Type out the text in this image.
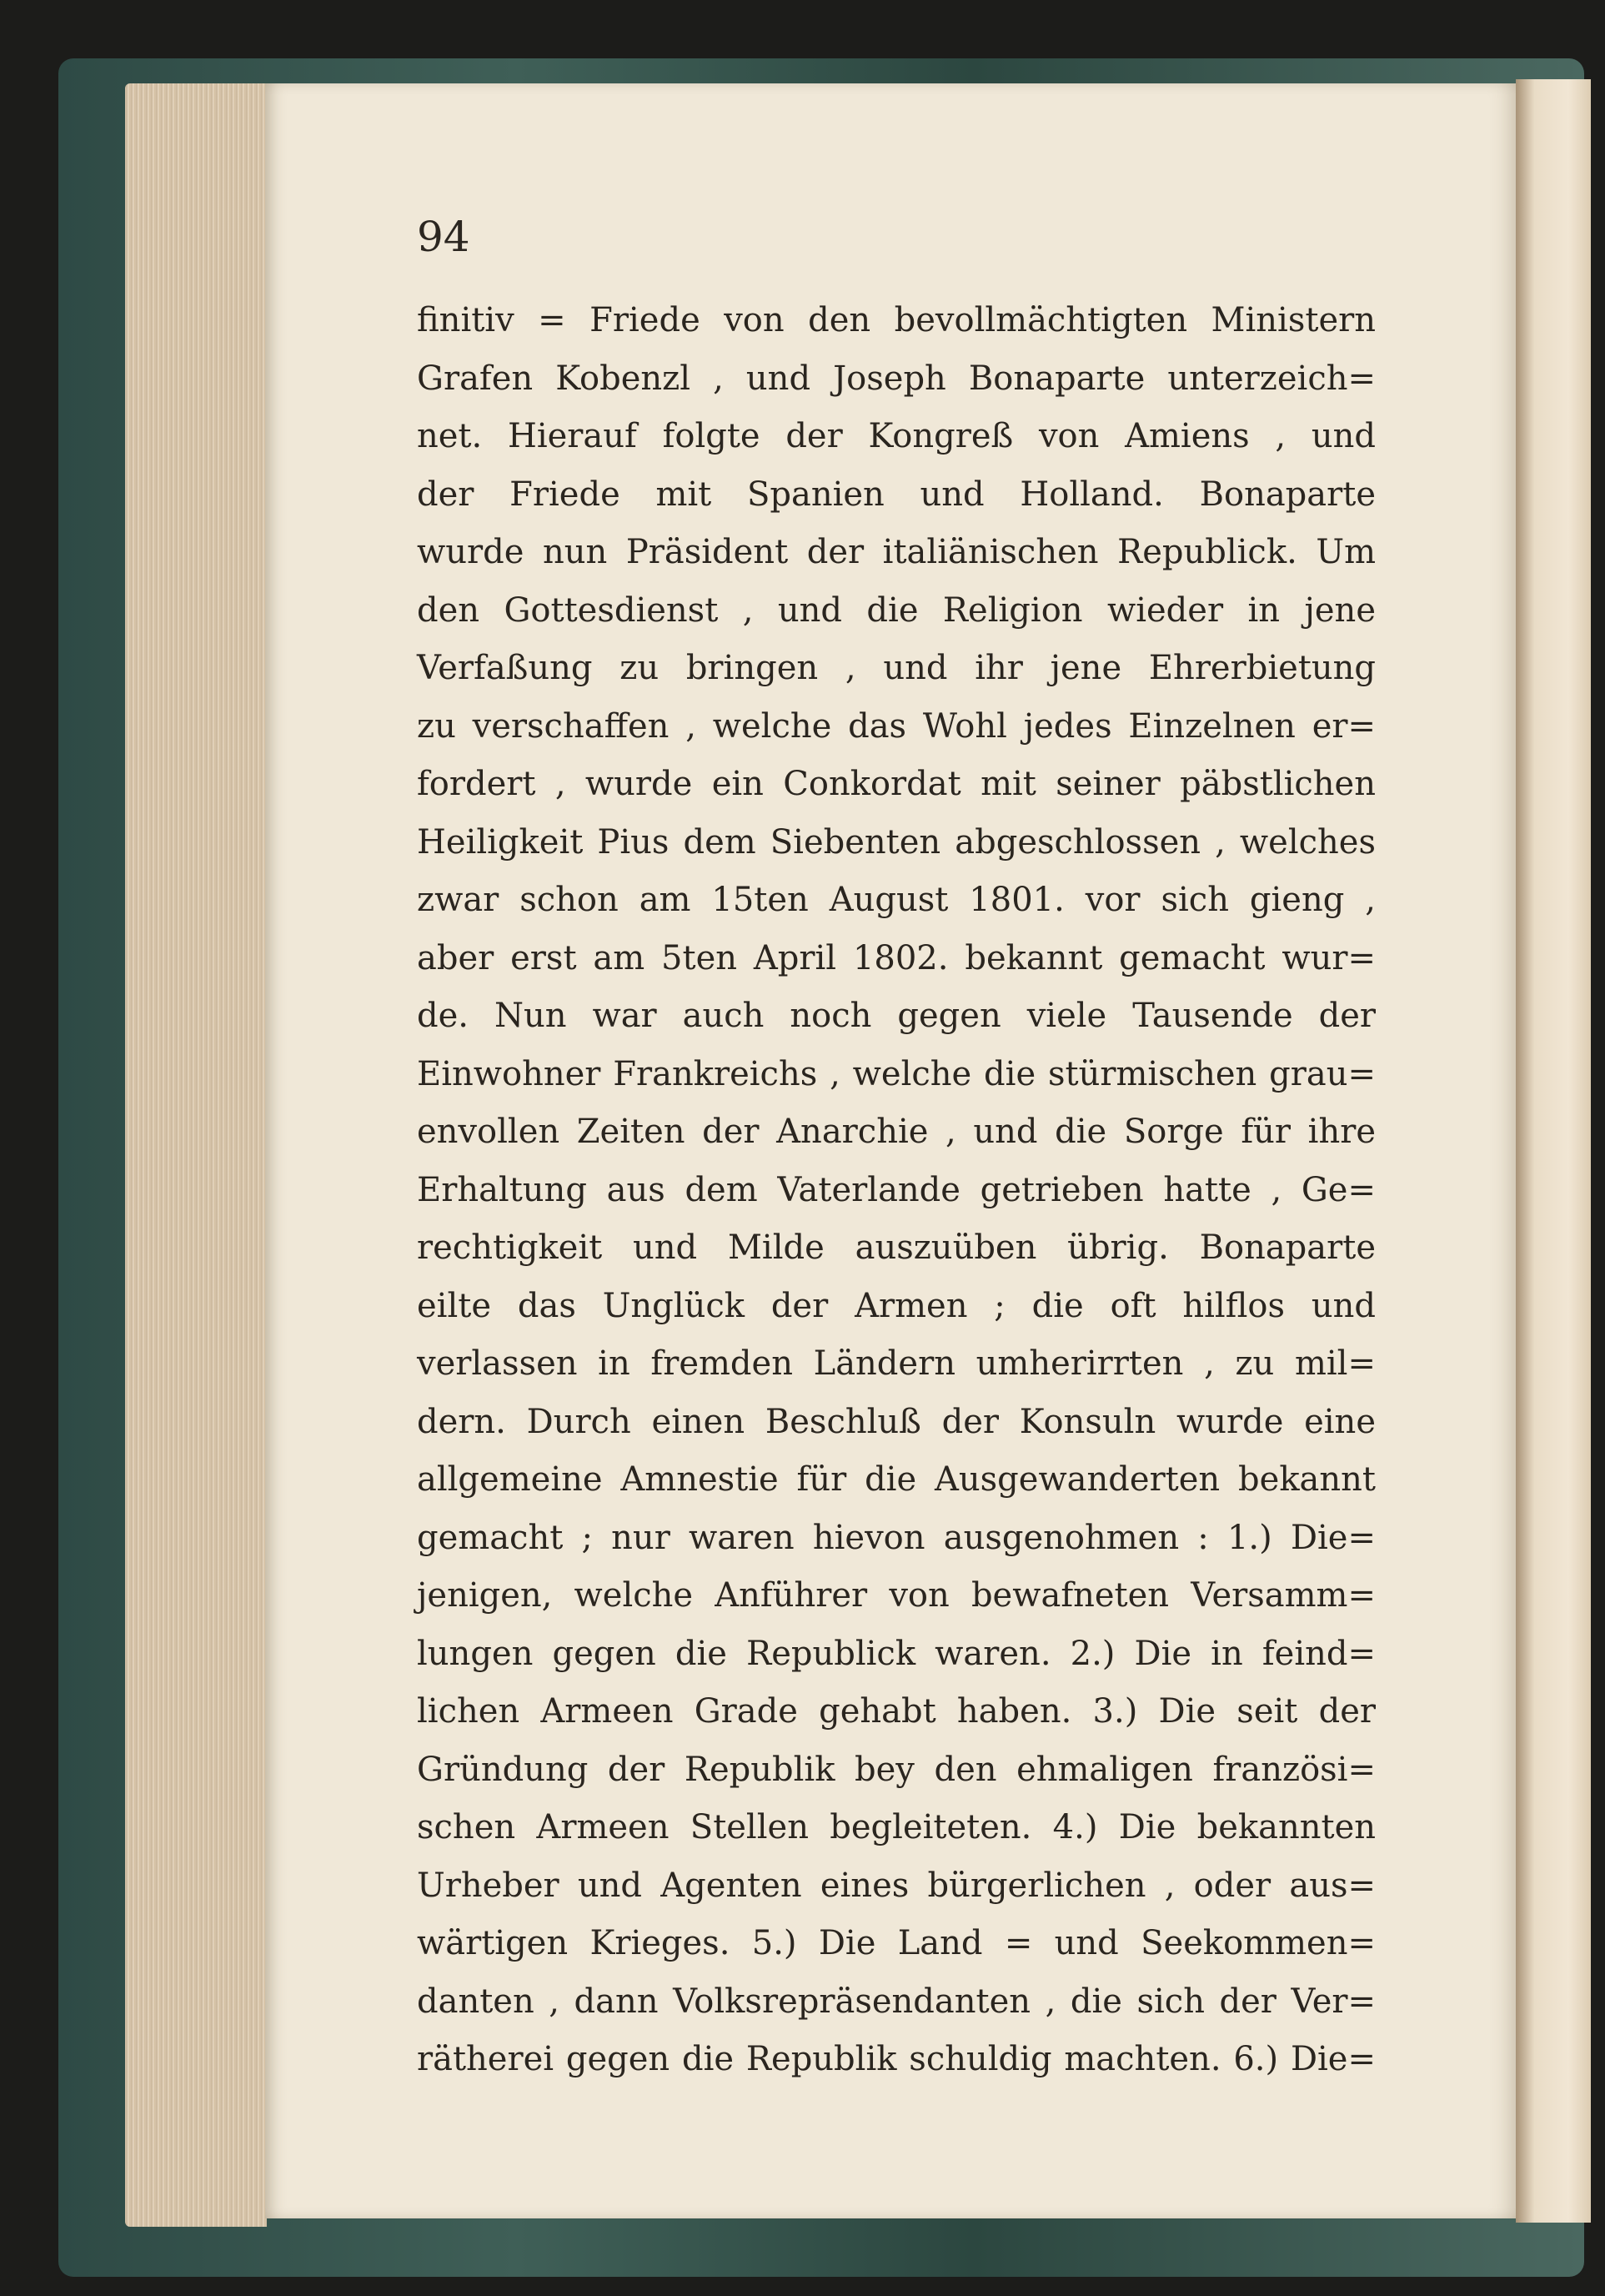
94
finitiv = Friede von den bevollmächtigten Ministern
Grafen Kobenzl , und Joseph Bonaparte unterzeich=
net. Hierauf folgte der Kongreß von Amiens , und
der Friede mit Spanien und Holland. Bonaparte
wurde nun Präsident der italiänischen Republick. Um
den Gottesdienst , und die Religion wieder in jene
Verfaßung zu bringen , und ihr jene Ehrerbietung
zu verschaffen , welche das Wohl jedes Einzelnen er=
fordert , wurde ein Conkordat mit seiner päbstlichen
Heiligkeit Pius dem Siebenten abgeschlossen , welches
zwar schon am 15ten August 1801. vor sich gieng ,
aber erst am 5ten April 1802. bekannt gemacht wur=
de. Nun war auch noch gegen viele Tausende der
Einwohner Frankreichs , welche die stürmischen grau=
envollen Zeiten der Anarchie , und die Sorge für ihre
Erhaltung aus dem Vaterlande getrieben hatte , Ge=
rechtigkeit und Milde auszuüben übrig. Bonaparte
eilte das Unglück der Armen ; die oft hilflos und
verlassen in fremden Ländern umherirrten , zu mil=
dern. Durch einen Beschluß der Konsuln wurde eine
allgemeine Amnestie für die Ausgewanderten bekannt
gemacht ; nur waren hievon ausgenohmen : 1.) Die=
jenigen, welche Anführer von bewafneten Versamm=
lungen gegen die Republick waren. 2.) Die in feind=
lichen Armeen Grade gehabt haben. 3.) Die seit der
Gründung der Republik bey den ehmaligen französi=
schen Armeen Stellen begleiteten. 4.) Die bekannten
Urheber und Agenten eines bürgerlichen , oder aus=
wärtigen Krieges. 5.) Die Land = und Seekommen=
danten , dann Volksrepräsendanten , die sich der Ver=
rätherei gegen die Republik schuldig machten. 6.) Die=
